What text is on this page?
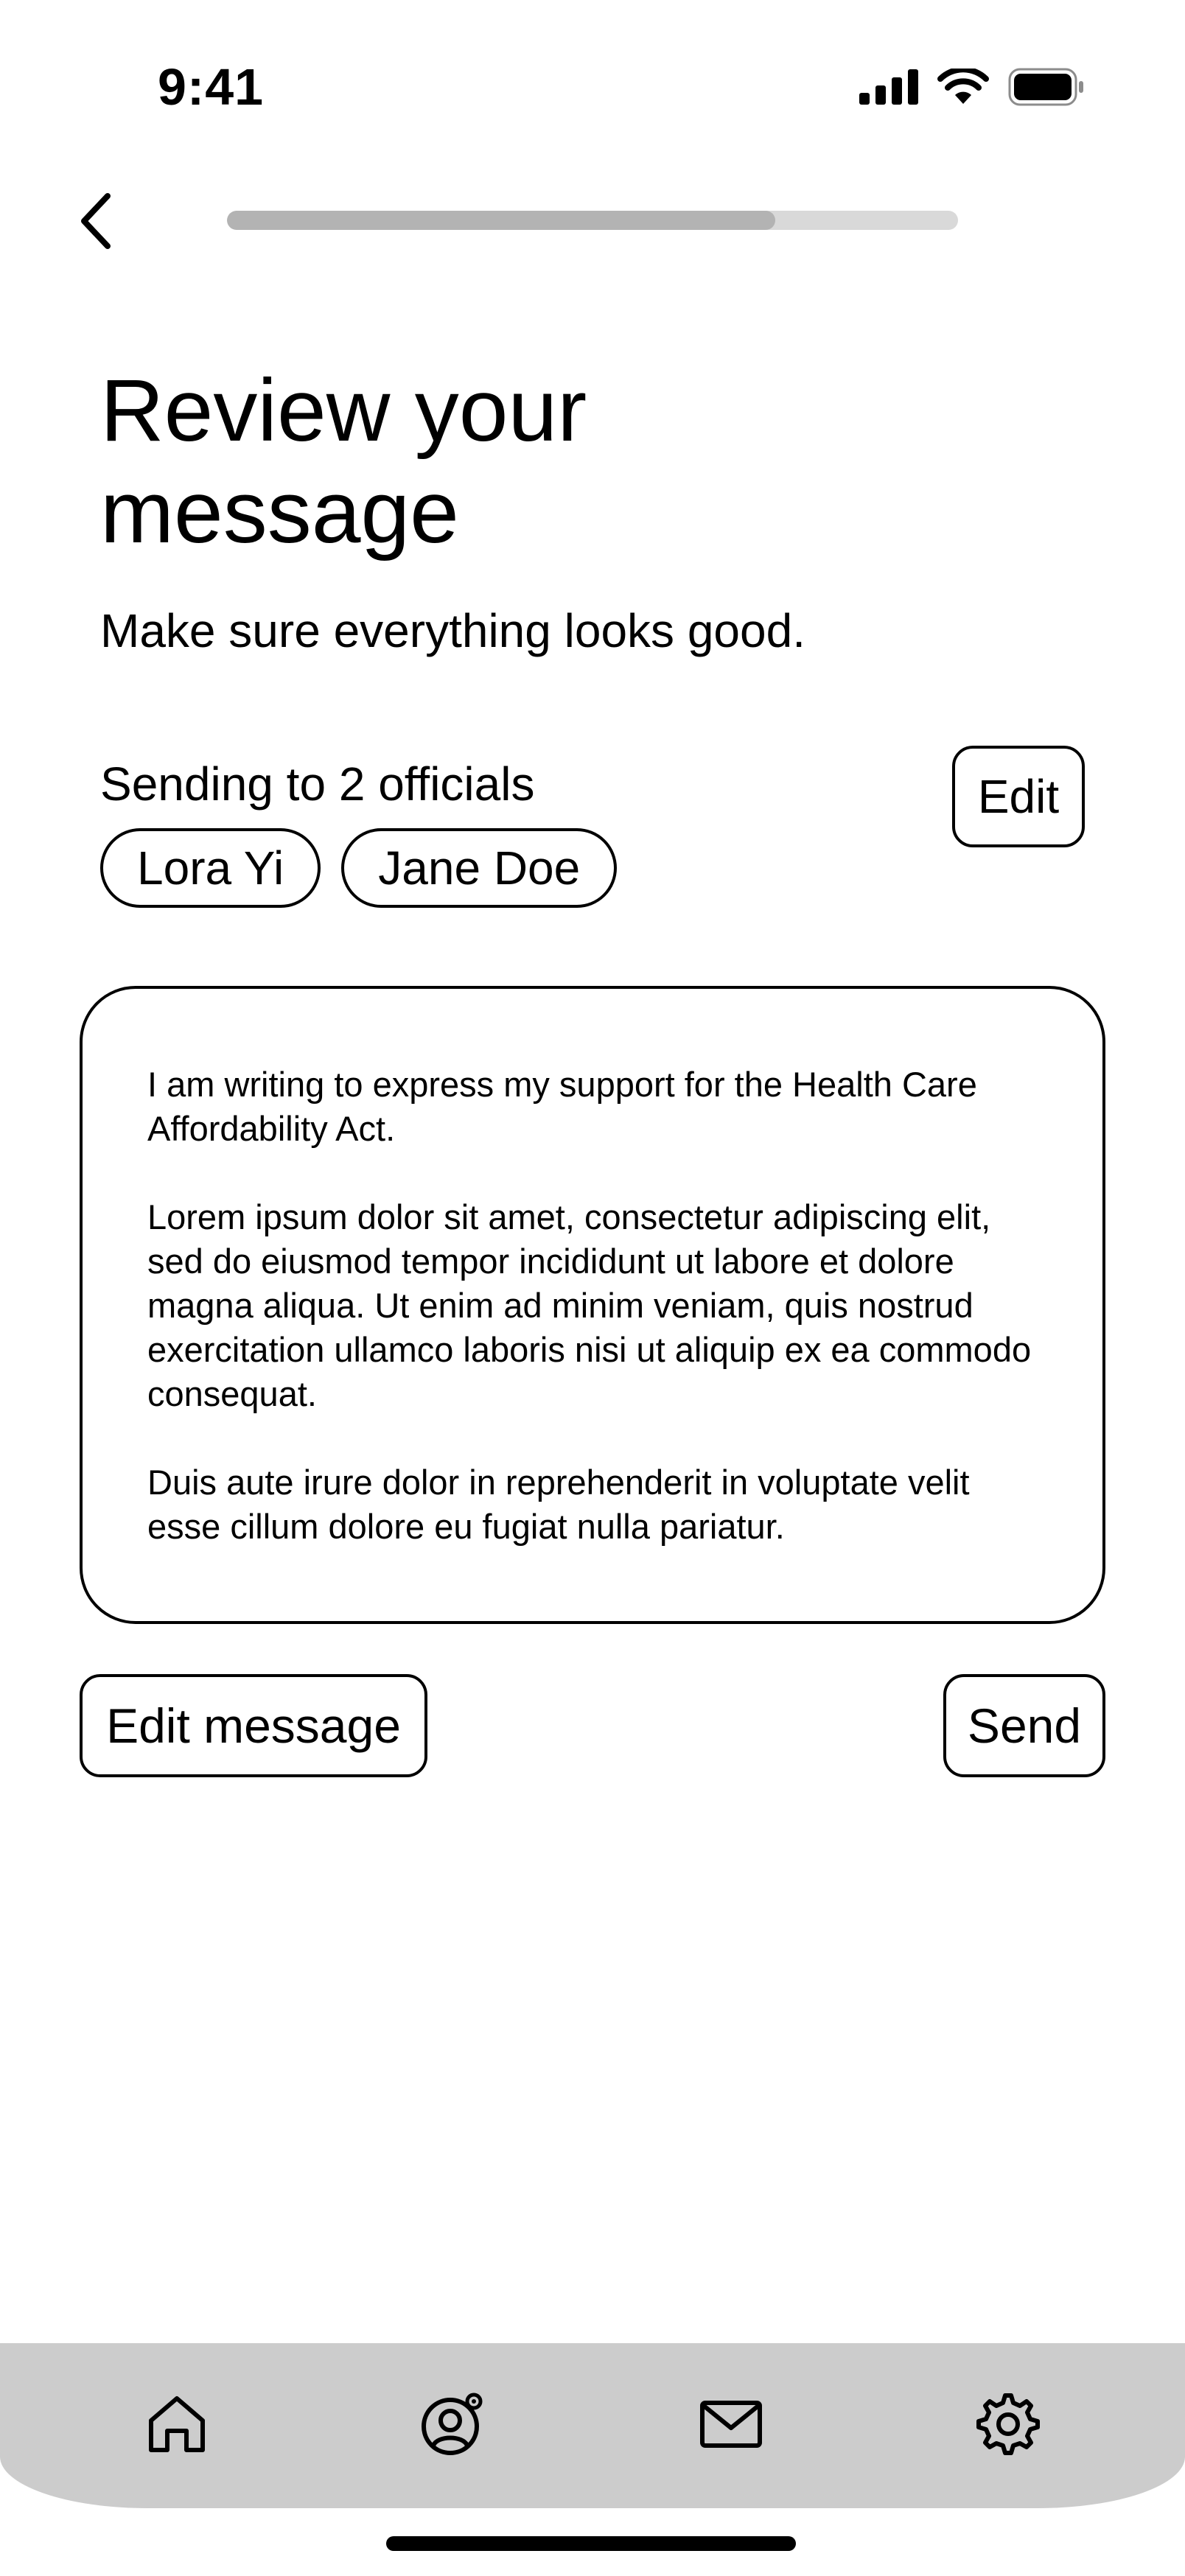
9:41
Review your message
Make sure everything looks good.
Sending to 2 officials	Edit
Lora Yi	Jane Doe

I am writing to express my support for the Health Care Affordability Act.

Lorem ipsum dolor sit amet, consectetur adipiscing elit, sed do eiusmod tempor incididunt ut labore et dolore magna aliqua. Ut enim ad minim veniam, quis nostrud exercitation ullamco laboris nisi ut aliquip ex ea commodo consequat.

Duis aute irure dolor in reprehenderit in voluptate velit esse cillum dolore eu fugiat nulla pariatur.

Edit message	Send
